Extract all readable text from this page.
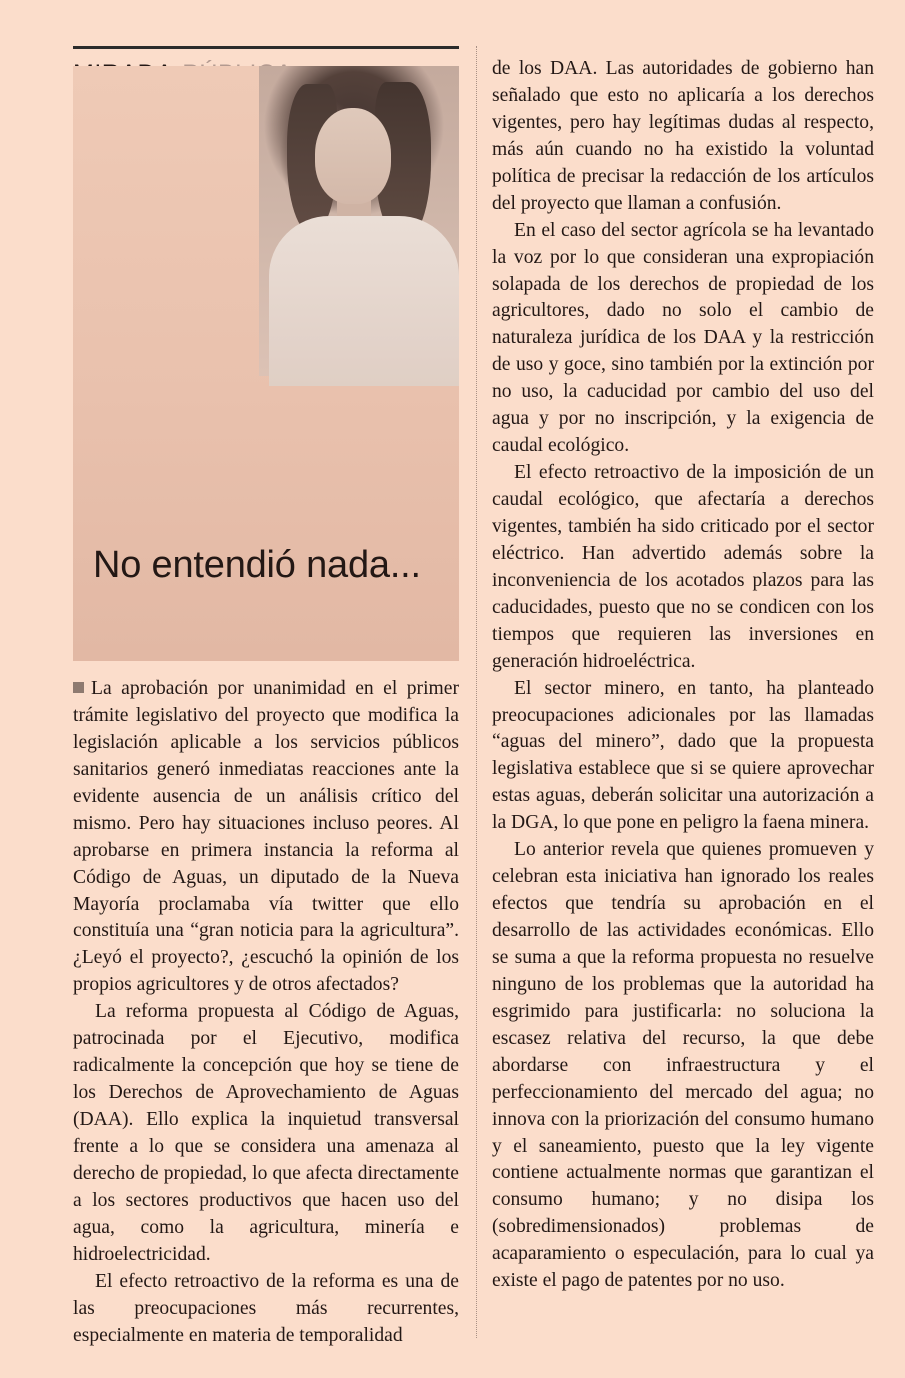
No entendió nada...

La aprobación por unanimidad en el primer trámite legislativo del proyecto que modifica la legislación aplicable a los servicios públicos sanitarios generó inmediatas reacciones ante la evidente ausencia de un análisis crítico del mismo. Pero hay situaciones incluso peores. Al aprobarse en primera instancia la reforma al Código de Aguas, un diputado de la Nueva Mayoría proclamaba vía twitter que ello constituía una “gran noticia para la agricultura”. ¿Leyó el proyecto?, ¿escuchó la opinión de los propios agricultores y de otros afectados?

La reforma propuesta al Código de Aguas, patrocinada por el Ejecutivo, modifica radicalmente la concepción que hoy se tiene de los Derechos de Aprovechamiento de Aguas (DAA). Ello explica la inquietud transversal frente a lo que se considera una amenaza al derecho de propiedad, lo que afecta directamente a los sectores productivos que hacen uso del agua, como la agricultura, minería e hidroelectricidad.

El efecto retroactivo de la reforma es una de las preocupaciones más recurrentes, especialmente en materia de temporalidad

de los DAA. Las autoridades de gobierno han señalado que esto no aplicaría a los derechos vigentes, pero hay legítimas dudas al respecto, más aún cuando no ha existido la voluntad política de precisar la redacción de los artículos del proyecto que llaman a confusión.

En el caso del sector agrícola se ha levantado la voz por lo que consideran una expropiación solapada de los derechos de propiedad de los agricultores, dado no solo el cambio de naturaleza jurídica de los DAA y la restricción de uso y goce, sino también por la extinción por no uso, la caducidad por cambio del uso del agua y por no inscripción, y la exigencia de caudal ecológico.

El efecto retroactivo de la imposición de un caudal ecológico, que afectaría a derechos vigentes, también ha sido criticado por el sector eléctrico. Han advertido además sobre la inconveniencia de los acotados plazos para las caducidades, puesto que no se condicen con los tiempos que requieren las inversiones en generación hidroeléctrica.

El sector minero, en tanto, ha planteado preocupaciones adicionales por las llamadas “aguas del minero”, dado que la propuesta legislativa establece que si se quiere aprovechar estas aguas, deberán solicitar una autorización a la DGA, lo que pone en peligro la faena minera.

Lo anterior revela que quienes promueven y celebran esta iniciativa han ignorado los reales efectos que tendría su aprobación en el desarrollo de las actividades económicas. Ello se suma a que la reforma propuesta no resuelve ninguno de los problemas que la autoridad ha esgrimido para justificarla: no soluciona la escasez relativa del recurso, la que debe abordarse con infraestructura y el perfeccionamiento del mercado del agua; no innova con la priorización del consumo humano y el saneamiento, puesto que la ley vigente contiene actualmente normas que garantizan el consumo humano; y no disipa los (sobredimensionados) problemas de acaparamiento o especulación, para lo cual ya existe el pago de patentes por no uso.
